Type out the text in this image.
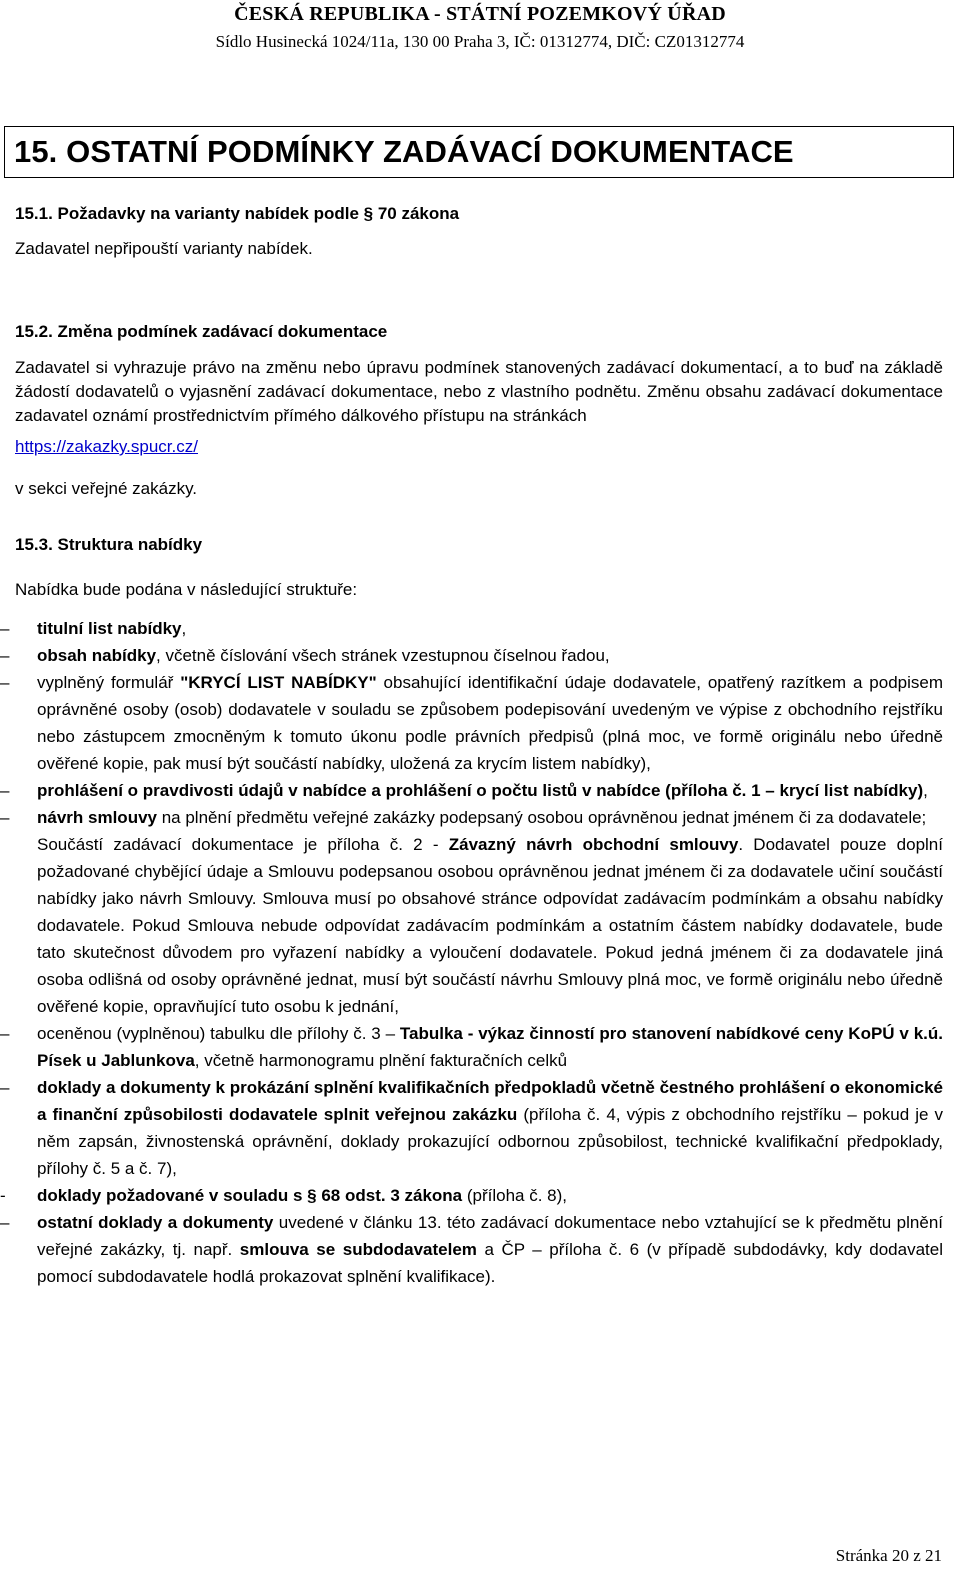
ČESKÁ REPUBLIKA - STÁTNÍ POZEMKOVÝ ÚŘAD
Sídlo Husinecká 1024/11a, 130 00 Praha 3, IČ: 01312774, DIČ: CZ01312774
15. OSTATNÍ PODMÍNKY ZADÁVACÍ DOKUMENTACE

15.1. Požadavky na varianty nabídek podle § 70 zákona

Zadavatel nepřipouští varianty nabídek.

15.2. Změna podmínek zadávací dokumentace

Zadavatel si vyhrazuje právo na změnu nebo úpravu podmínek stanovených zadávací dokumentací, a to buď na základě žádostí dodavatelů o vyjasnění zadávací dokumentace, nebo z vlastního podnětu. Změnu obsahu zadávací dokumentace zadavatel oznámí prostřednictvím přímého dálkového přístupu na stránkách

https://zakazky.spucr.cz/

v sekci veřejné zakázky.

15.3. Struktura nabídky

Nabídka bude podána v následující struktuře:

– titulní list nabídky,
– obsah nabídky, včetně číslování všech stránek vzestupnou číselnou řadou,
– vyplněný formulář "KRYCÍ LIST NABÍDKY" obsahující identifikační údaje dodavatele, opatřený razítkem a podpisem oprávněné osoby (osob) dodavatele v souladu se způsobem podepisování uvedeným ve výpise z obchodního rejstříku nebo zástupcem zmocněným k tomuto úkonu podle právních předpisů (plná moc, ve formě originálu nebo úředně ověřené kopie, pak musí být součástí nabídky, uložená za krycím listem nabídky),
– prohlášení o pravdivosti údajů v nabídce a prohlášení o počtu listů v nabídce (příloha č. 1 – krycí list nabídky),
– návrh smlouvy na plnění předmětu veřejné zakázky podepsaný osobou oprávněnou jednat jménem či za dodavatele;
Součástí zadávací dokumentace je příloha č. 2 - Závazný návrh obchodní smlouvy. Dodavatel pouze doplní požadované chybějící údaje a Smlouvu podepsanou osobou oprávněnou jednat jménem či za dodavatele učiní součástí nabídky jako návrh Smlouvy. Smlouva musí po obsahové stránce odpovídat zadávacím podmínkám a obsahu nabídky dodavatele. Pokud Smlouva nebude odpovídat zadávacím podmínkám a ostatním částem nabídky dodavatele, bude tato skutečnost důvodem pro vyřazení nabídky a vyloučení dodavatele. Pokud jedná jménem či za dodavatele jiná osoba odlišná od osoby oprávněné jednat, musí být součástí návrhu Smlouvy plná moc, ve formě originálu nebo úředně ověřené kopie, opravňující tuto osobu k jednání,
– oceněnou (vyplněnou) tabulku dle přílohy č. 3 – Tabulka - výkaz činností pro stanovení nabídkové ceny KoPÚ v k.ú. Písek u Jablunkova, včetně harmonogramu plnění fakturačních celků
– doklady a dokumenty k prokázání splnění kvalifikačních předpokladů včetně čestného prohlášení o ekonomické a finanční způsobilosti dodavatele splnit veřejnou zakázku (příloha č. 4, výpis z obchodního rejstříku – pokud je v něm zapsán, živnostenská oprávnění, doklady prokazující odbornou způsobilost, technické kvalifikační předpoklady, přílohy č. 5 a č. 7),
- doklady požadované v souladu s § 68 odst. 3 zákona (příloha č. 8),
– ostatní doklady a dokumenty uvedené v článku 13. této zadávací dokumentace nebo vztahující se k předmětu plnění veřejné zakázky, tj. např. smlouva se subdodavatelem a ČP – příloha č. 6 (v případě subdodávky, kdy dodavatel pomocí subdodavatele hodlá prokazovat splnění kvalifikace).
Stránka 20 z 21
